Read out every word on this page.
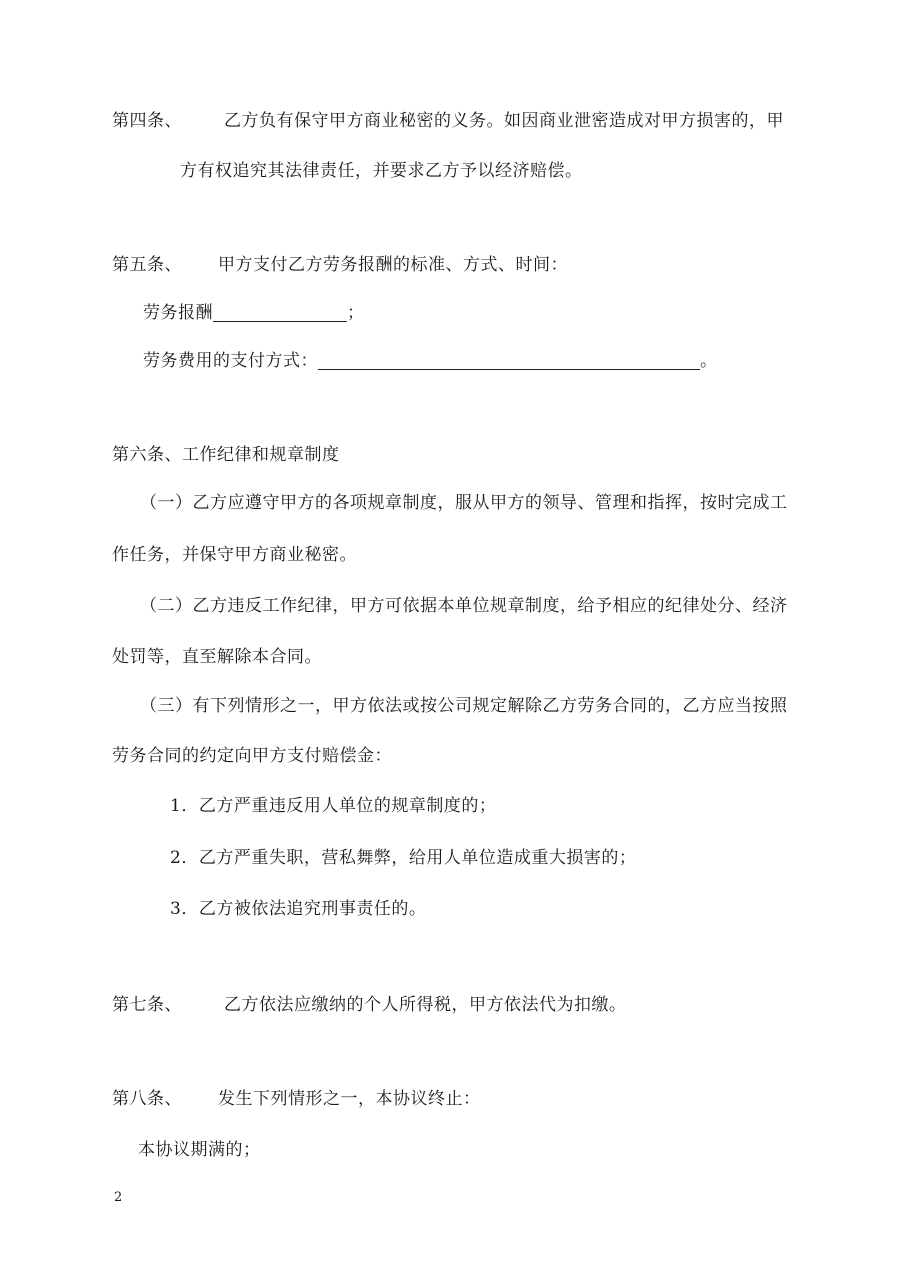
第四条、 乙方负有保守甲方商业秘密的义务。如因商业泄密造成对甲方损害的，甲
方有权追究其法律责任，并要求乙方予以经济赔偿。
第五条、 甲方支付乙方劳务报酬的标准、方式、时间：
劳务报酬	；
劳务费用的支付方式：	。
第六条、工作纪律和规章制度
（一）乙方应遵守甲方的各项规章制度，服从甲方的领导、管理和指挥，按时完成工
作任务，并保守甲方商业秘密。
（二）乙方违反工作纪律，甲方可依据本单位规章制度，给予相应的纪律处分、经济
处罚等，直至解除本合同。
（三）有下列情形之一，甲方依法或按公司规定解除乙方劳务合同的，乙方应当按照
劳务合同的约定向甲方支付赔偿金：
1．乙方严重违反用人单位的规章制度的；
2．乙方严重失职，营私舞弊，给用人单位造成重大损害的；
3．乙方被依法追究刑事责任的。
第七条、 乙方依法应缴纳的个人所得税，甲方依法代为扣缴。
第八条、 发生下列情形之一，本协议终止：
本协议期满的；
2
